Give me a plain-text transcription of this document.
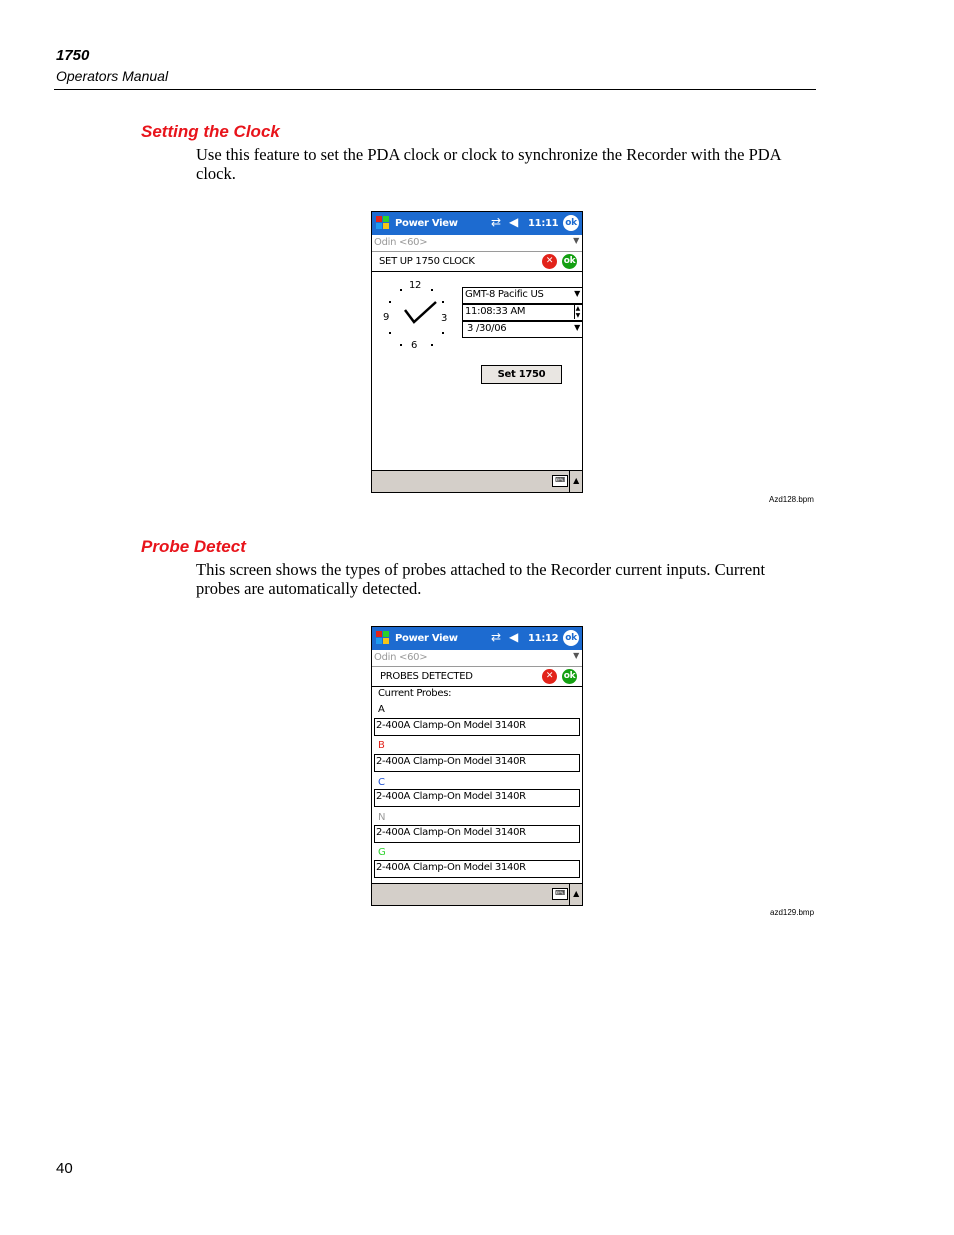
1750
Operators Manual
Setting the Clock
Use this feature to set the PDA clock or clock to synchronize the Recorder with the PDA
clock.
Power View	⇄ ◀ 11:11 ok
Odin <60>	▼
SET UP 1750 CLOCK	✕	ok
12
3
6
9
GMT-8 Pacific US	▼
11:08:33 AM	▲
▼
3 /30/06	▼
Set 1750
⌨	▲
Azd128.bpm
Probe Detect
This screen shows the types of probes attached to the Recorder current inputs. Current
probes are automatically detected.
Power View	⇄ ◀ 11:12 ok
Odin <60>	▼
PROBES DETECTED	✕	ok
Current Probes:
A
2-400A Clamp-On Model 3140R
B
2-400A Clamp-On Model 3140R
C
2-400A Clamp-On Model 3140R
N
2-400A Clamp-On Model 3140R
G
2-400A Clamp-On Model 3140R
⌨	▲
azd129.bmp
40
